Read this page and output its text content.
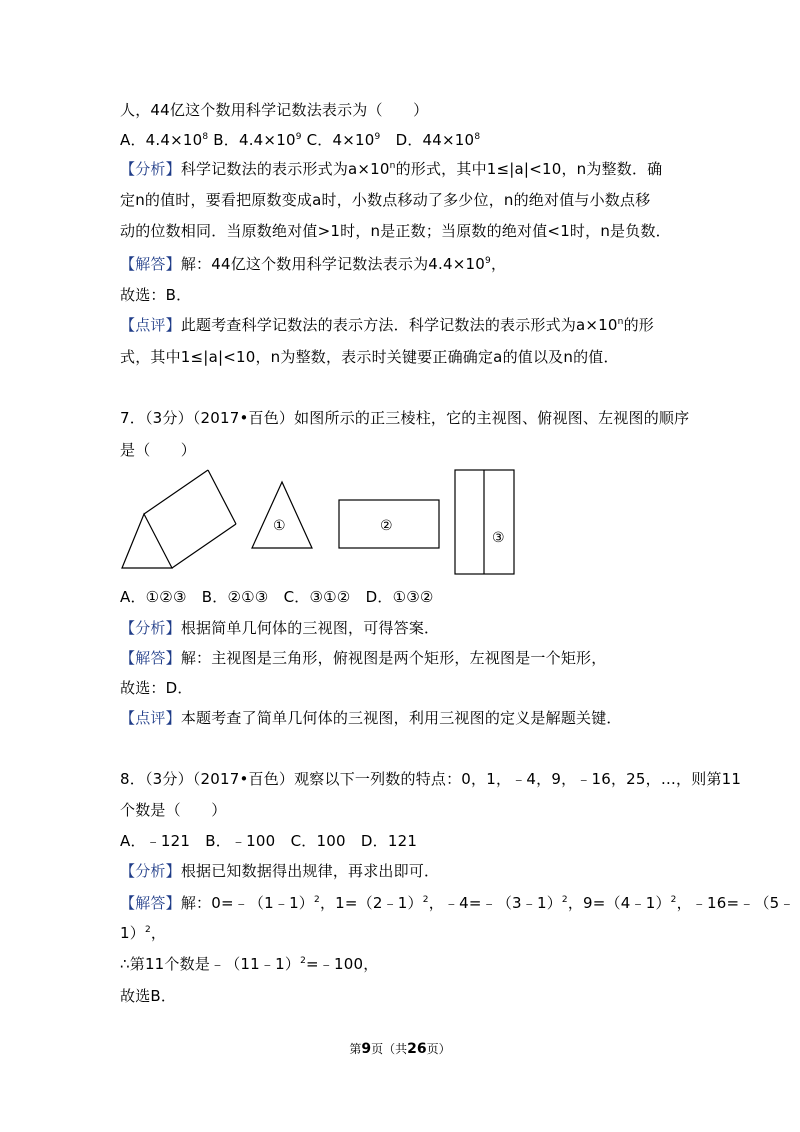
人，44亿这个数用科学记数法表示为（　　）
A．$4.4\times 10^8$ B．$4.4\times 10^9$ C．$4\times 10^9$　D．$44\times 10^8$
【分析】科学记数法的表示形式为$a\times 10^n$的形式，其中1≤|a|<10，n为整数．确
定n的值时，要看把原数变成a时，小数点移动了多少位，n的绝对值与小数点移
动的位数相同．当原数绝对值>1时，n是正数；当原数的绝对值<1时，n是负数．
【解答】解：44亿这个数用科学记数法表示为$4.4\times 10^9$，
故选：B．
【点评】此题考查科学记数法的表示方法．科学记数法的表示形式为$a\times 10^n$的形
式，其中1≤|a|<10，n为整数，表示时关键要正确确定a的值以及n的值．
7．（3分）（2017•百色）如图所示的正三棱柱，它的主视图、俯视图、左视图的顺序
是（　　）
①	②
③
A．①②③　B．②①③　C．③①②　D．①③②
【分析】根据简单几何体的三视图，可得答案．
【解答】解：主视图是三角形，俯视图是两个矩形，左视图是一个矩形，
故选：D．
【点评】本题考查了简单几何体的三视图，利用三视图的定义是解题关键．
8．（3分）（2017•百色）观察以下一列数的特点：0，1，﹣4，9，﹣16，25，…，则第11
个数是（　　）
A．﹣121　B．﹣100　C．100　D．121
【分析】根据已知数据得出规律，再求出即可．
【解答】解：0=﹣（1﹣1）$^2$，1=（2﹣1）$^2$，﹣4=﹣（3﹣1）$^2$，9=（4﹣1）$^2$，﹣16=﹣（5﹣
1）$^2$，
∴第11个数是﹣（11﹣1）$^2$=﹣100，
故选B．
第9页（共26页）
